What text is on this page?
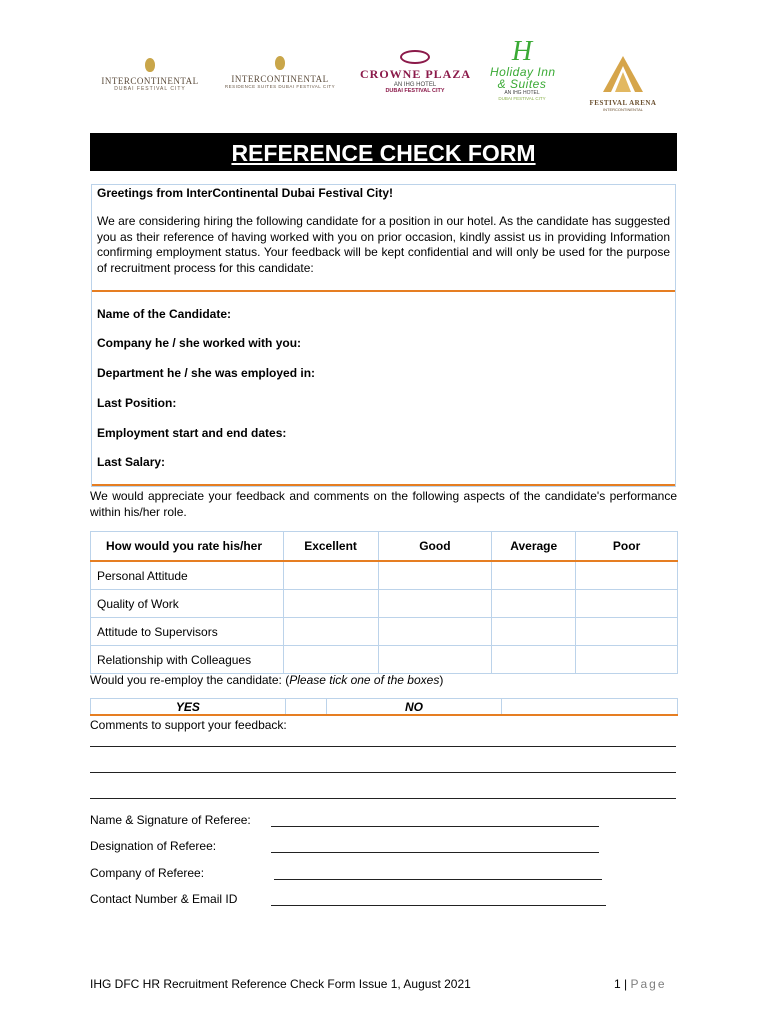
INTERCONTINENTAL
DUBAI FESTIVAL CITY
INTERCONTINENTAL
RESIDENCE SUITES DUBAI FESTIVAL CITY
CROWNE PLAZA
AN IHG HOTEL
DUBAI FESTIVAL CITY
H
Holiday Inn
& Suites
AN IHG HOTEL
DUBAI FESTIVAL CITY
FESTIVAL ARENA
INTERCONTINENTAL
REFERENCE CHECK FORM
Greetings from InterContinental Dubai Festival City!
We are considering hiring the following candidate for a position in our hotel. As the candidate has suggested you as their reference of having worked with you on prior occasion, kindly assist us in providing Information confirming employment status. Your feedback will be kept confidential and will only be used for the purpose of recruitment process for this candidate:
Name of the Candidate:
Company he / she worked with you:
Department he / she was employed in:
Last Position:
Employment start and end dates:
Last Salary:
We would appreciate your feedback and comments on the following aspects of the candidate's performance within his/her role.
How would you rate his/her	Excellent	Good	Average	Poor
Personal Attitude				
Quality of Work				
Attitude to Supervisors				
Relationship with Colleagues				
Would you re-employ the candidate: (Please tick one of the boxes)
YES		NO	
Comments to support your feedback:
Name & Signature of Referee:
Designation of Referee:
Company of Referee:
Contact Number & Email ID
IHG DFC HR Recruitment Reference Check Form Issue 1, August 2021	1 | Page
